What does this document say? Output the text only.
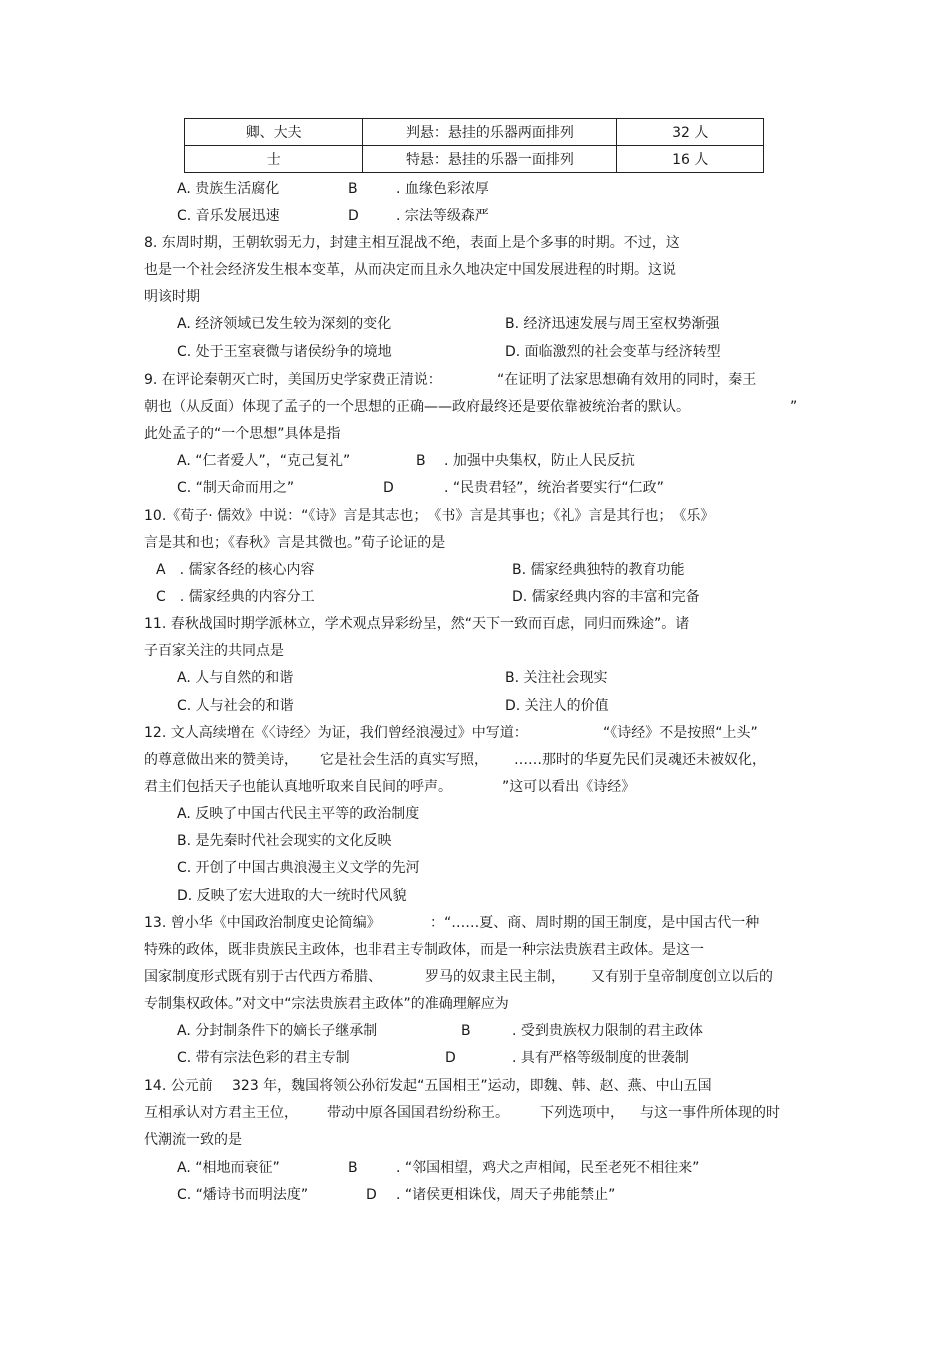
卿、大夫	判悬：悬挂的乐器两面排列	32 人
士	特悬：悬挂的乐器一面排列	16 人
A. 贵族生活腐化	B	. 血缘色彩浓厚
C. 音乐发展迅速	D	. 宗法等级森严
8. 东周时期，王朝软弱无力，封建主相互混战不绝，表面上是个多事的时期。不过，这
也是一个社会经济发生根本变革，从而决定而且永久地决定中国发展进程的时期。这说
明该时期
A. 经济领域已发生较为深刻的变化	B. 经济迅速发展与周王室权势渐强
C. 处于王室衰微与诸侯纷争的境地	D. 面临激烈的社会变革与经济转型
9. 在评论秦朝灭亡时，美国历史学家费正清说：	“在证明了法家思想确有效用的同时，秦王
朝也（从反面）体现了孟子的一个思想的正确——政府最终还是要依靠被统治者的默认。	”
此处孟子的“一个思想”具体是指
A. “仁者爱人”，“克己复礼”	B . 加强中央集权，防止人民反抗
C. “制天命而用之”	D	. “民贵君轻”，统治者要实行“仁政”
10.《荀子· 儒效》中说：“《诗》言是其志也；　《书》言是其事也；《礼》言是其行也；　《乐》
言是其和也；《春秋》言是其微也。”荀子论证的是
A　. 儒家各经的核心内容	B. 儒家经典独特的教育功能
C　. 儒家经典的内容分工	D. 儒家经典内容的丰富和完备
11. 春秋战国时期学派林立，学术观点异彩纷呈，然“天下一致而百虑，同归而殊途”。诸
子百家关注的共同点是
A. 人与自然的和谐	B. 关注社会现实
C. 人与社会的和谐	D. 关注人的价值
12. 文人高续增在《〈诗经〉为证，我们曾经浪漫过》中写道：	“《诗经》不是按照“上头”
的尊意做出来的赞美诗， 它是社会生活的真实写照， ……那时的华夏先民们灵魂还未被奴化，
君主们包括天子也能认真地听取来自民间的呼声。	”这可以看出《诗经》
A. 反映了中国古代民主平等的政治制度
B. 是先秦时代社会现实的文化反映
C. 开创了中国古典浪漫主义文学的先河
D. 反映了宏大进取的大一统时代风貌
13. 曾小华《中国政治制度史论简编》	：“……夏、商、周时期的国王制度，是中国古代一种
特殊的政体，既非贵族民主政体，也非君主专制政体，而是一种宗法贵族君主政体。是这一
国家制度形式既有别于古代西方希腊、	罗马的奴隶主民主制， 又有别于皇帝制度创立以后的
专制集权政体。”对文中“宗法贵族君主政体”的准确理解应为
A. 分封制条件下的嫡长子继承制	B	. 受到贵族权力限制的君主政体
C. 带有宗法色彩的君主专制	D	. 具有严格等级制度的世袭制
14. 公元前 323 年，魏国将领公孙衍发起“五国相王”运动，即魏、韩、赵、燕、中山五国
互相承认对方君主王位， 带动中原各国国君纷纷称王。 下列选项中， 与这一事件所体现的时
代潮流一致的是
A. “相地而衰征”	B	. “邻国相望，鸡犬之声相闻，民至老死不相往来”
C. “燔诗书而明法度”	D . “诸侯更相诛伐，周天子弗能禁止”
